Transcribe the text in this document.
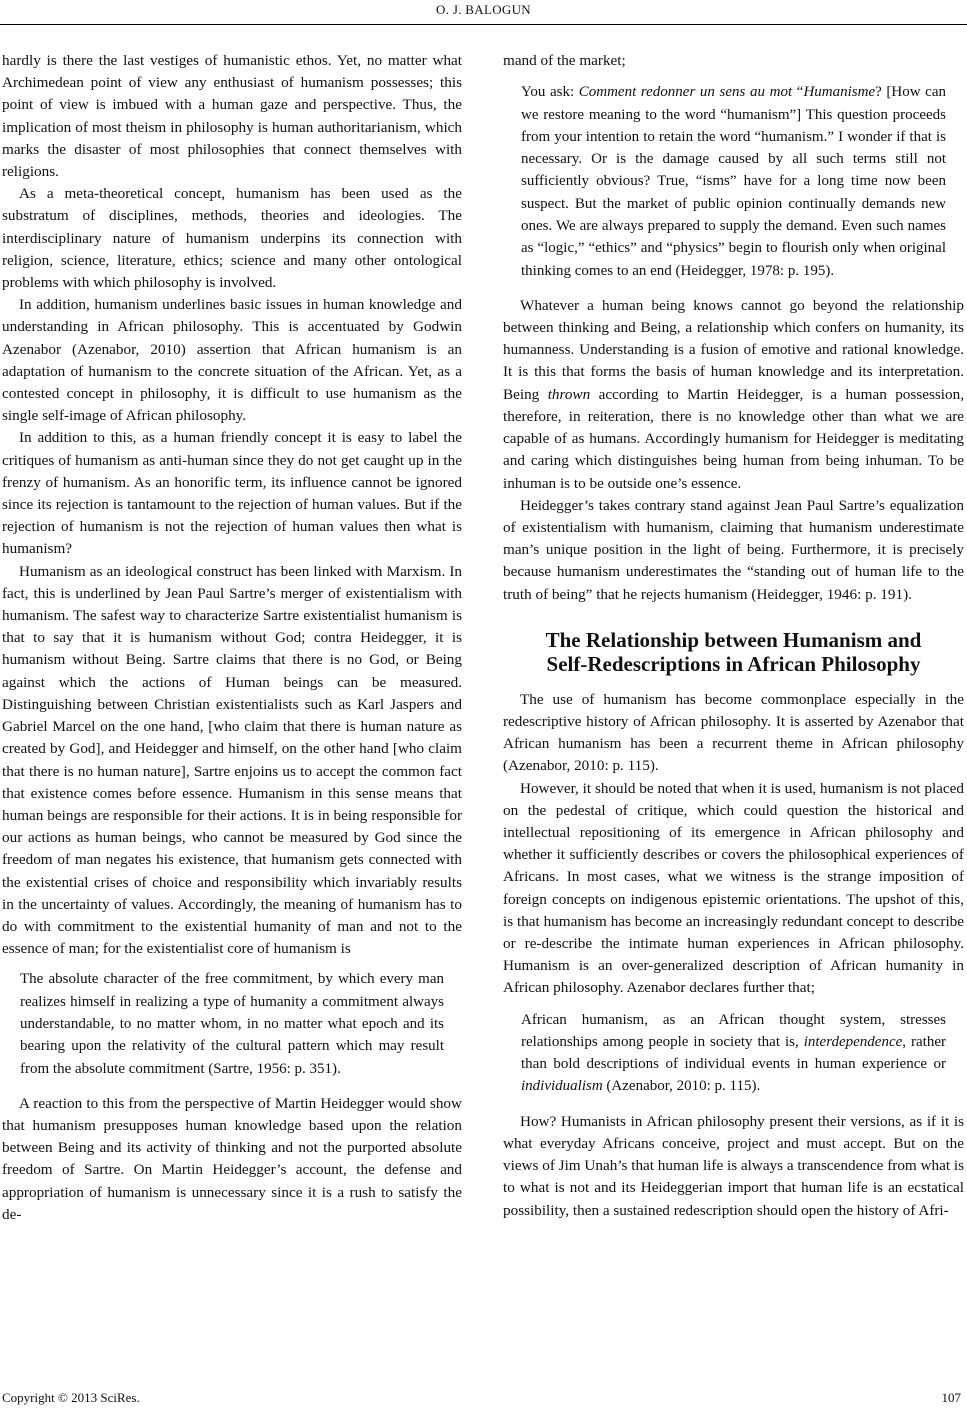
O. J. BALOGUN

hardly is there the last vestiges of humanistic ethos. Yet, no matter what Archimedean point of view any enthusiast of humanism possesses; this point of view is imbued with a human gaze and perspective. Thus, the implication of most theism in philosophy is human authoritarianism, which marks the disaster of most philosophies that connect themselves with religions.

As a meta-theoretical concept, humanism has been used as the substratum of disciplines, methods, theories and ideologies. The interdisciplinary nature of humanism underpins its connection with religion, science, literature, ethics; science and many other ontological problems with which philosophy is involved.

In addition, humanism underlines basic issues in human knowledge and understanding in African philosophy. This is accentuated by Godwin Azenabor (Azenabor, 2010) assertion that African humanism is an adaptation of humanism to the concrete situation of the African. Yet, as a contested concept in philosophy, it is difficult to use humanism as the single self-image of African philosophy.

In addition to this, as a human friendly concept it is easy to label the critiques of humanism as anti-human since they do not get caught up in the frenzy of humanism. As an honorific term, its influence cannot be ignored since its rejection is tantamount to the rejection of human values. But if the rejection of humanism is not the rejection of human values then what is humanism?

Humanism as an ideological construct has been linked with Marxism. In fact, this is underlined by Jean Paul Sartre’s merger of existentialism with humanism. The safest way to characterize Sartre existentialist humanism is that to say that it is humanism without God; contra Heidegger, it is humanism without Being. Sartre claims that there is no God, or Being against which the actions of Human beings can be measured. Distinguishing between Christian existentialists such as Karl Jaspers and Gabriel Marcel on the one hand, [who claim that there is human nature as created by God], and Heidegger and himself, on the other hand [who claim that there is no human nature], Sartre enjoins us to accept the common fact that existence comes before essence. Humanism in this sense means that human beings are responsible for their actions. It is in being responsible for our actions as human beings, who cannot be measured by God since the freedom of man negates his existence, that humanism gets connected with the existential crises of choice and responsibility which invariably results in the uncertainty of values. Accordingly, the meaning of humanism has to do with commitment to the existential humanity of man and not to the essence of man; for the existentialist core of humanism is

The absolute character of the free commitment, by which every man realizes himself in realizing a type of humanity a commitment always understandable, to no matter whom, in no matter what epoch and its bearing upon the relativity of the cultural pattern which may result from the absolute commitment (Sartre, 1956: p. 351).

A reaction to this from the perspective of Martin Heidegger would show that humanism presupposes human knowledge based upon the relation between Being and its activity of thinking and not the purported absolute freedom of Sartre. On Martin Heidegger’s account, the defense and appropriation of humanism is unnecessary since it is a rush to satisfy the de-

mand of the market;

You ask: Comment redonner un sens au mot “Humanisme? [How can we restore meaning to the word “humanism”] This question proceeds from your intention to retain the word “humanism.” I wonder if that is necessary. Or is the damage caused by all such terms still not sufficiently obvious? True, “isms” have for a long time now been suspect. But the market of public opinion continually demands new ones. We are always prepared to supply the demand. Even such names as “logic,” “ethics” and “physics” begin to flourish only when original thinking comes to an end (Heidegger, 1978: p. 195).

Whatever a human being knows cannot go beyond the relationship between thinking and Being, a relationship which confers on humanity, its humanness. Understanding is a fusion of emotive and rational knowledge. It is this that forms the basis of human knowledge and its interpretation. Being thrown according to Martin Heidegger, is a human possession, therefore, in reiteration, there is no knowledge other than what we are capable of as humans. Accordingly humanism for Heidegger is meditating and caring which distinguishes being human from being inhuman. To be inhuman is to be outside one’s essence.

Heidegger’s takes contrary stand against Jean Paul Sartre’s equalization of existentialism with humanism, claiming that humanism underestimate man’s unique position in the light of being. Furthermore, it is precisely because humanism underestimates the “standing out of human life to the truth of being” that he rejects humanism (Heidegger, 1946: p. 191).

The Relationship between Humanism and
Self-Redescriptions in African Philosophy

The use of humanism has become commonplace especially in the redescriptive history of African philosophy. It is asserted by Azenabor that African humanism has been a recurrent theme in African philosophy (Azenabor, 2010: p. 115).

However, it should be noted that when it is used, humanism is not placed on the pedestal of critique, which could question the historical and intellectual repositioning of its emergence in African philosophy and whether it sufficiently describes or covers the philosophical experiences of Africans. In most cases, what we witness is the strange imposition of foreign concepts on indigenous epistemic orientations. The upshot of this, is that humanism has become an increasingly redundant concept to describe or re-describe the intimate human experiences in African philosophy. Humanism is an over-generalized description of African humanity in African philosophy. Azenabor declares further that;

African humanism, as an African thought system, stresses relationships among people in society that is, interdependence, rather than bold descriptions of individual events in human experience or individualism (Azenabor, 2010: p. 115).

How? Humanists in African philosophy present their versions, as if it is what everyday Africans conceive, project and must accept. But on the views of Jim Unah’s that human life is always a transcendence from what is to what is not and its Heideggerian import that human life is an ecstatical possibility, then a sustained redescription should open the history of Afri-

Copyright © 2013 SciRes.	107
